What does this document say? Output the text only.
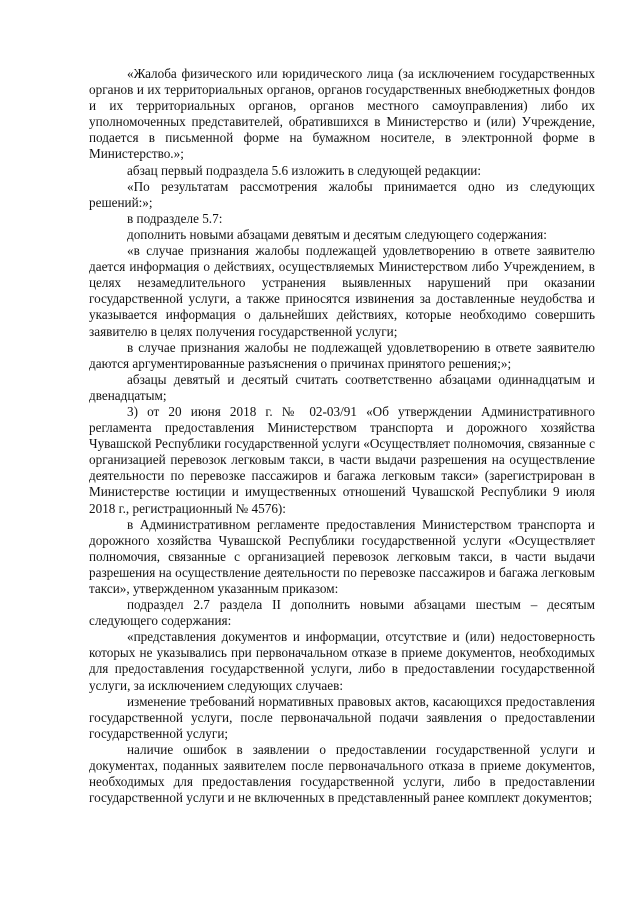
«Жалоба физического или юридического лица (за исключением государственных органов и их территориальных органов, органов государственных внебюджетных фондов и их территориальных органов, органов местного самоуправления) либо их уполномоченных представителей, обратившихся в Министерство и (или) Учреждение, подается в письменной форме на бумажном носителе, в электронной форме в Министерство.»;

абзац первый подраздела 5.6 изложить в следующей редакции:

«По результатам рассмотрения жалобы принимается одно из следующих решений:»;

в подразделе 5.7:

дополнить новыми абзацами девятым и десятым следующего содержания:

«в случае признания жалобы подлежащей удовлетворению в ответе заявителю дается информация о действиях, осуществляемых Министерством либо Учреждением, в целях незамедлительного устранения выявленных нарушений при оказании государственной услуги, а также приносятся извинения за доставленные неудобства и указывается информация о дальнейших действиях, которые необходимо совершить заявителю в целях получения государственной услуги;

в случае признания жалобы не подлежащей удовлетворению в ответе заявителю даются аргументированные разъяснения о причинах принятого решения;»;

абзацы девятый и десятый считать соответственно абзацами одиннадцатым и двенадцатым;

3) от 20 июня 2018 г. № 02-03/91 «Об утверждении Административного регламента предоставления Министерством транспорта и дорожного хозяйства Чувашской Республики государственной услуги «Осуществляет полномочия, связанные с организацией перевозок легковым такси, в части выдачи разрешения на осуществление деятельности по перевозке пассажиров и багажа легковым такси» (зарегистрирован в Министерстве юстиции и имущественных отношений Чувашской Республики 9 июля 2018 г., регистрационный № 4576):

в Административном регламенте предоставления Министерством транспорта и дорожного хозяйства Чувашской Республики государственной услуги «Осуществляет полномочия, связанные с организацией перевозок легковым такси, в части выдачи разрешения на осуществление деятельности по перевозке пассажиров и багажа легковым такси», утвержденном указанным приказом:

подраздел 2.7 раздела II дополнить новыми абзацами шестым – десятым следующего содержания:

«представления документов и информации, отсутствие и (или) недостоверность которых не указывались при первоначальном отказе в приеме документов, необходимых для предоставления государственной услуги, либо в предоставлении государственной услуги, за исключением следующих случаев:

изменение требований нормативных правовых актов, касающихся предоставления государственной услуги, после первоначальной подачи заявления о предоставлении государственной услуги;

наличие ошибок в заявлении о предоставлении государственной услуги и документах, поданных заявителем после первоначального отказа в приеме документов, необходимых для предоставления государственной услуги, либо в предоставлении государственной услуги и не включенных в представленный ранее комплект документов;
